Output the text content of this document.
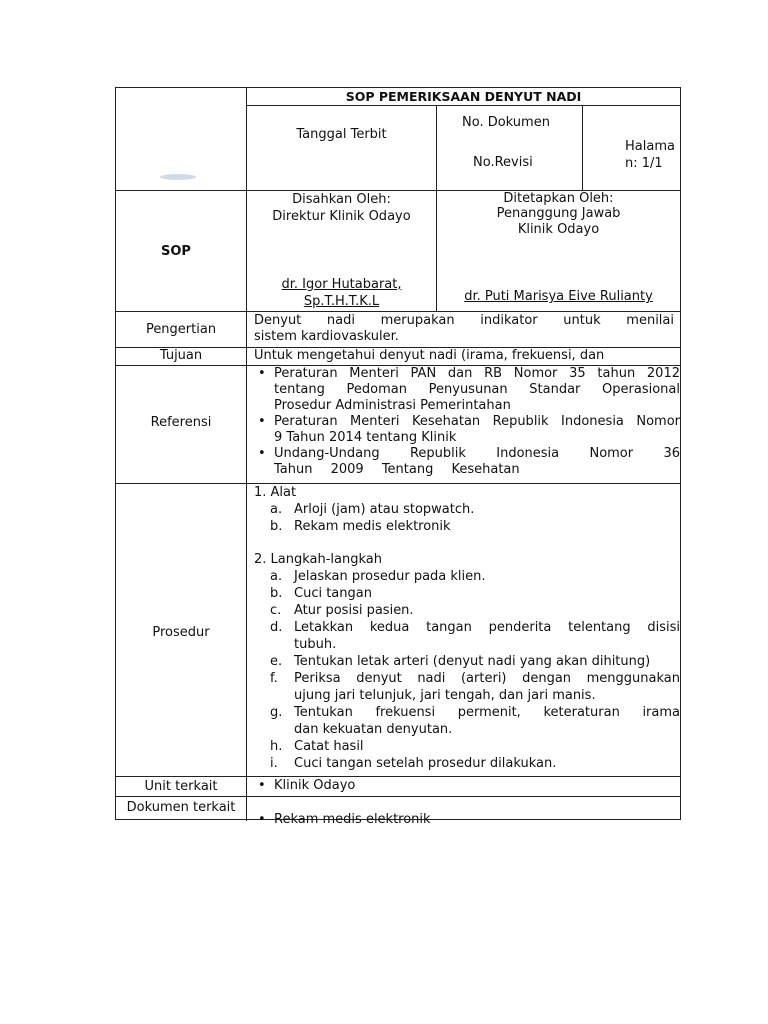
SOP PEMERIKSAAN DENYUT NADI
Tanggal Terbit
No. Dokumen
No.Revisi
Halaman: 1/1
SOP
Disahkan Oleh:
Direktur Klinik Odayo
dr. Igor Hutabarat,
Sp.T.H.T.K.L
Ditetapkan Oleh:
Penanggung Jawab
Klinik Odayo
dr. Puti Marisya Eive Rulianty
Pengertian
Denyut nadi merupakan indikator untuk menilai
sistem kardiovaskuler.
Tujuan	Untuk mengetahui denyut nadi (irama, frekuensi, dan
Referensi
• Peraturan Menteri PAN dan RB Nomor 35 tahun 2012
tentang Pedoman Penyusunan Standar Operasional
Prosedur Administrasi Pemerintahan
• Peraturan Menteri Kesehatan Republik Indonesia Nomor
9 Tahun 2014 tentang Klinik
• Undang-Undang Republik Indonesia Nomor 36
Tahun 2009 Tentang Kesehatan
Prosedur
1. Alat
a. Arloji (jam) atau stopwatch.
b. Rekam medis elektronik
2. Langkah-langkah
a. Jelaskan prosedur pada klien.
b. Cuci tangan
c. Atur posisi pasien.
d. Letakkan kedua tangan penderita telentang disisi
tubuh.
e. Tentukan letak arteri (denyut nadi yang akan dihitung)
f. Periksa denyut nadi (arteri) dengan menggunakan
ujung jari telunjuk, jari tengah, dan jari manis.
g. Tentukan frekuensi permenit, keteraturan irama
dan kekuatan denyutan.
h. Catat hasil
i. Cuci tangan setelah prosedur dilakukan.
Unit terkait
•	Klinik Odayo
Dokumen terkait
• Rekam medis elektronik
